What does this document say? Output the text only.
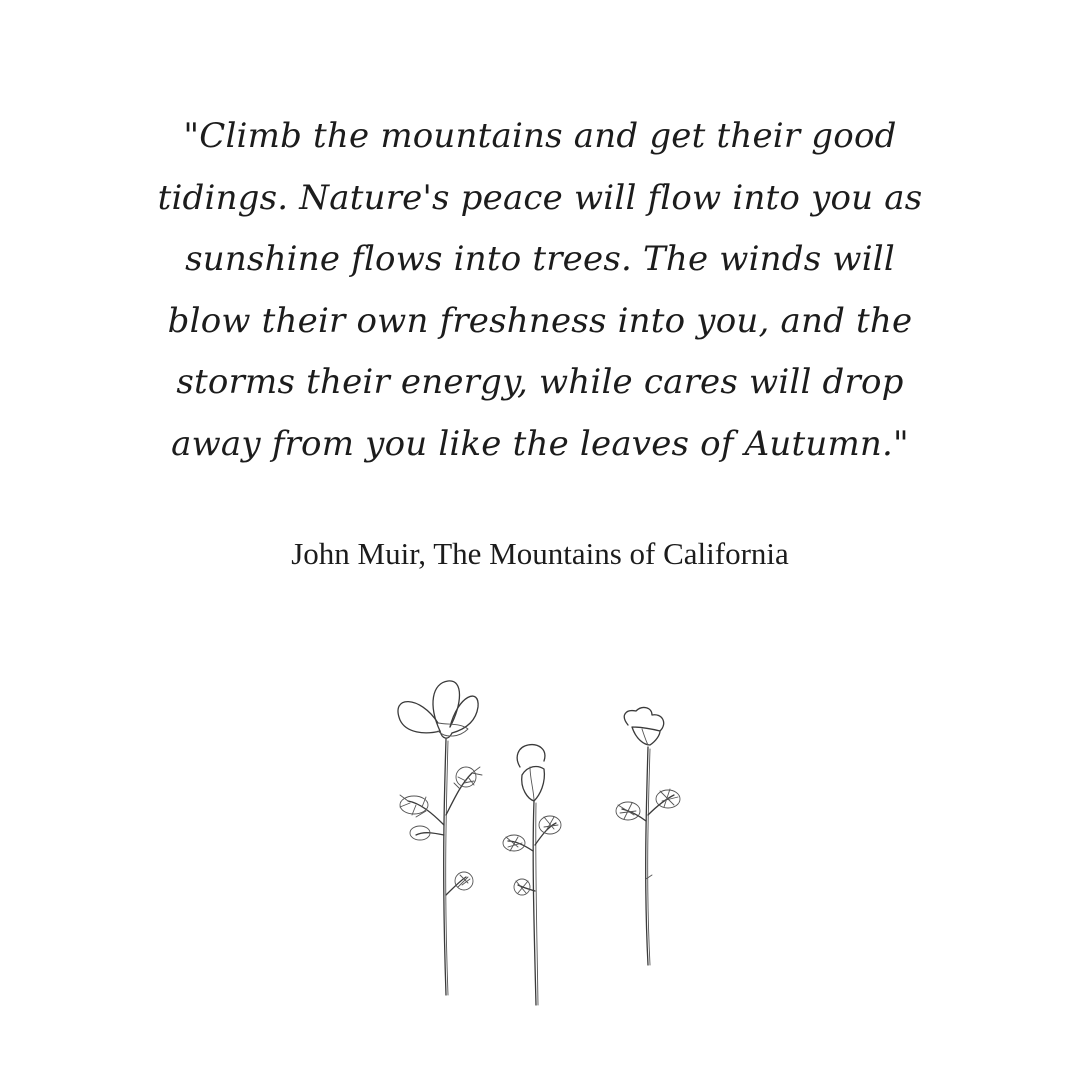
"Climb the mountains and get their good
tidings. Nature's peace will flow into you as
sunshine flows into trees. The winds will
blow their own freshness into you, and the
storms their energy, while cares will drop
away from you like the leaves of Autumn."

John Muir, The Mountains of California
